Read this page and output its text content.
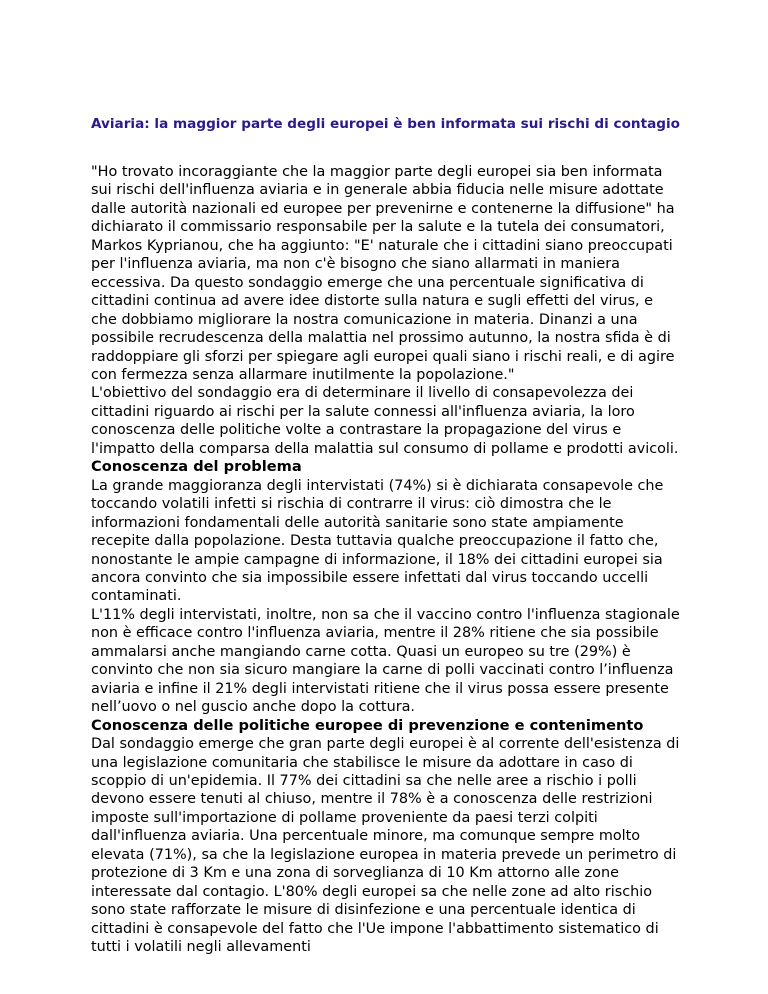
Aviaria: la maggior parte degli europei è ben informata sui rischi di contagio

"Ho trovato incoraggiante che la maggior parte degli europei sia ben informata sui rischi dell'influenza aviaria e in generale abbia fiducia nelle misure adottate dalle autorità nazionali ed europee per prevenirne e contenerne la diffusione" ha dichiarato il commissario responsabile per la salute e la tutela dei consumatori, Markos Kyprianou, che ha aggiunto: "E' naturale che i cittadini siano preoccupati per l'influenza aviaria, ma non c'è bisogno che siano allarmati in maniera eccessiva. Da questo sondaggio emerge che una percentuale significativa di cittadini continua ad avere idee distorte sulla natura e sugli effetti del virus, e che dobbiamo migliorare la nostra comunicazione in materia. Dinanzi a una possibile recrudescenza della malattia nel prossimo autunno, la nostra sfida è di raddoppiare gli sforzi per spiegare agli europei quali siano i rischi reali, e di agire con fermezza senza allarmare inutilmente la popolazione."

L'obiettivo del sondaggio era di determinare il livello di consapevolezza dei cittadini riguardo ai rischi per la salute connessi all'influenza aviaria, la loro conoscenza delle politiche volte a contrastare la propagazione del virus e l'impatto della comparsa della malattia sul consumo di pollame e prodotti avicoli.

Conoscenza del problema

La grande maggioranza degli intervistati (74%) si è dichiarata consapevole che toccando volatili infetti si rischia di contrarre il virus: ciò dimostra che le informazioni fondamentali delle autorità sanitarie sono state ampiamente recepite dalla popolazione. Desta tuttavia qualche preoccupazione il fatto che, nonostante le ampie campagne di informazione, il 18% dei cittadini europei sia ancora convinto che sia impossibile essere infettati dal virus toccando uccelli contaminati.

L'11% degli intervistati, inoltre, non sa che il vaccino contro l'influenza stagionale non è efficace contro l'influenza aviaria, mentre il 28% ritiene che sia possibile ammalarsi anche mangiando carne cotta. Quasi un europeo su tre (29%) è convinto che non sia sicuro mangiare la carne di polli vaccinati contro l’influenza aviaria e infine il 21% degli intervistati ritiene che il virus possa essere presente nell’uovo o nel guscio anche dopo la cottura.

Conoscenza delle politiche europee di prevenzione e contenimento

Dal sondaggio emerge che gran parte degli europei è al corrente dell'esistenza di una legislazione comunitaria che stabilisce le misure da adottare in caso di scoppio di un'epidemia. Il 77% dei cittadini sa che nelle aree a rischio i polli devono essere tenuti al chiuso, mentre il 78% è a conoscenza delle restrizioni imposte sull'importazione di pollame proveniente da paesi terzi colpiti dall'influenza aviaria. Una percentuale minore, ma comunque sempre molto elevata (71%), sa che la legislazione europea in materia prevede un perimetro di protezione di 3 Km e una zona di sorveglianza di 10 Km attorno alle zone interessate dal contagio. L'80% degli europei sa che nelle zone ad alto rischio sono state rafforzate le misure di disinfezione e una percentuale identica di cittadini è consapevole del fatto che l'Ue impone l'abbattimento sistematico di tutti i volatili negli allevamenti
